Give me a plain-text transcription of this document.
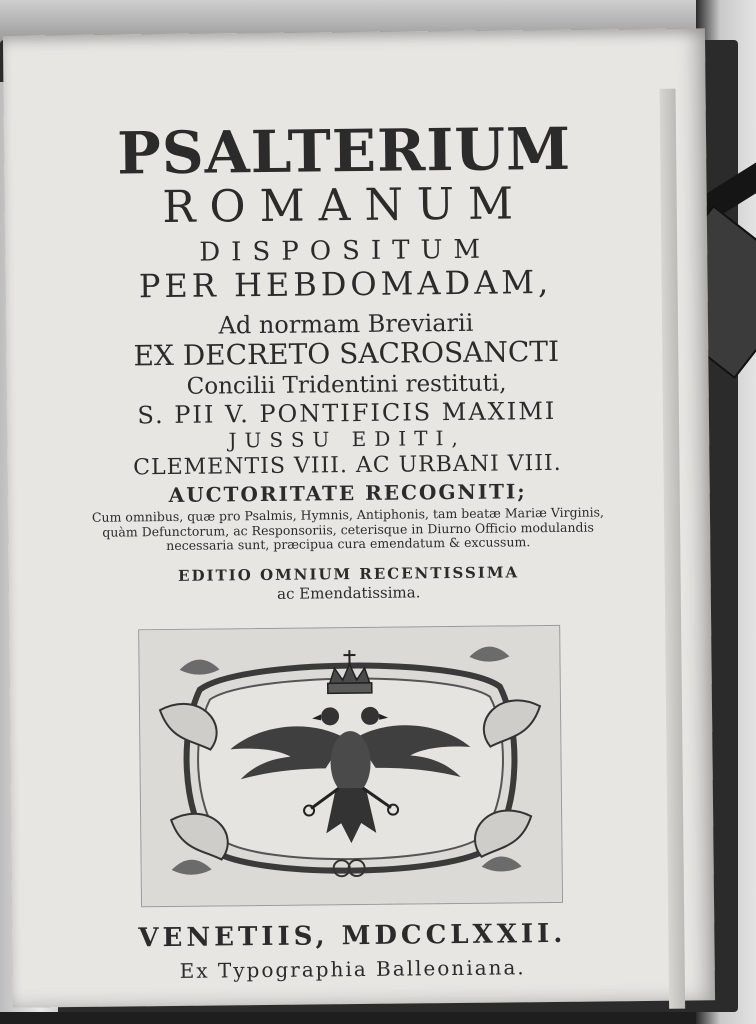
PSALTERIUM
ROMANUM
DISPOSITUM
PER HEBDOMADAM,
Ad normam Breviarii
EX DECRETO SACROSANCTI
Concilii Tridentini restituti,
S. PII V. PONTIFICIS MAXIMI
JUSSU EDITI,
CLEMENTIS VIII. AC URBANI VIII.
AUCTORITATE RECOGNITI;
Cum omnibus, quæ pro Psalmis, Hymnis, Antiphonis, tam beatæ Mariæ Virginis,
quàm Defunctorum, ac Responsoriis, ceterisque in Diurno Officio modulandis
necessaria sunt, præcipua cura emendatum & excussum.
EDITIO OMNIUM RECENTISSIMA
ac Emendatissima.
VENETIIS, MDCCLXXII.
Ex Typographia Balleoniana.
